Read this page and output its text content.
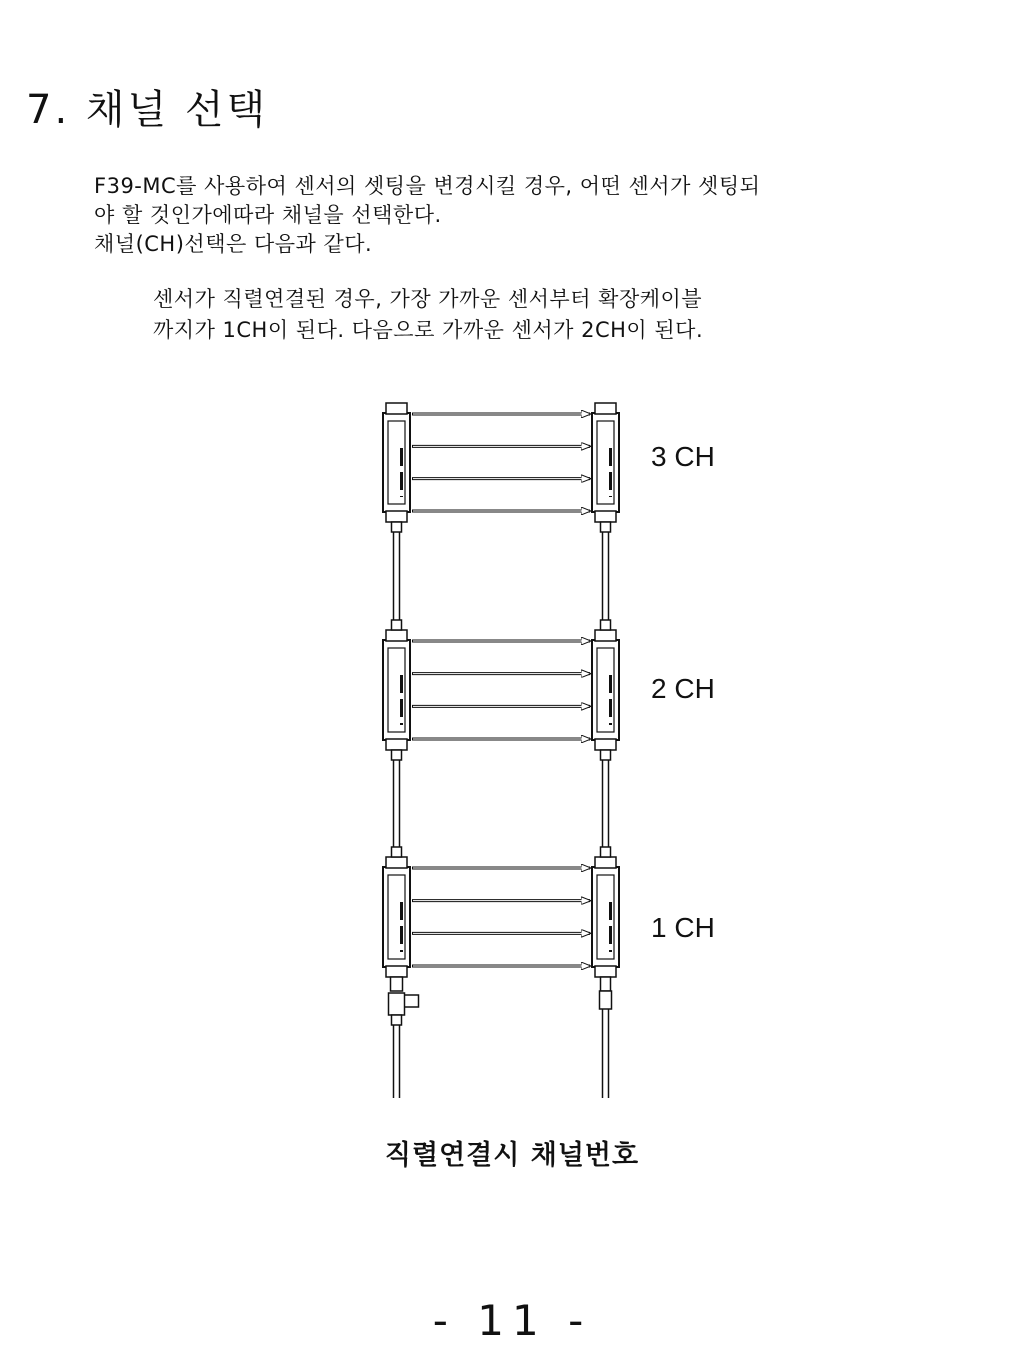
7. 채널 선택
F39-MC를 사용하여 센서의 셋팅을 변경시킬 경우, 어떤 센서가 셋팅되
야 할 것인가에따라 채널을 선택한다.
채널(CH)선택은 다음과 같다.
센서가 직렬연결된 경우, 가장 가까운 센서부터 확장케이블
까지가 1CH이 된다. 다음으로 가까운 센서가 2CH이 된다.
3 CH
2 CH
1 CH
직렬연결시 채널번호
- 11 -
